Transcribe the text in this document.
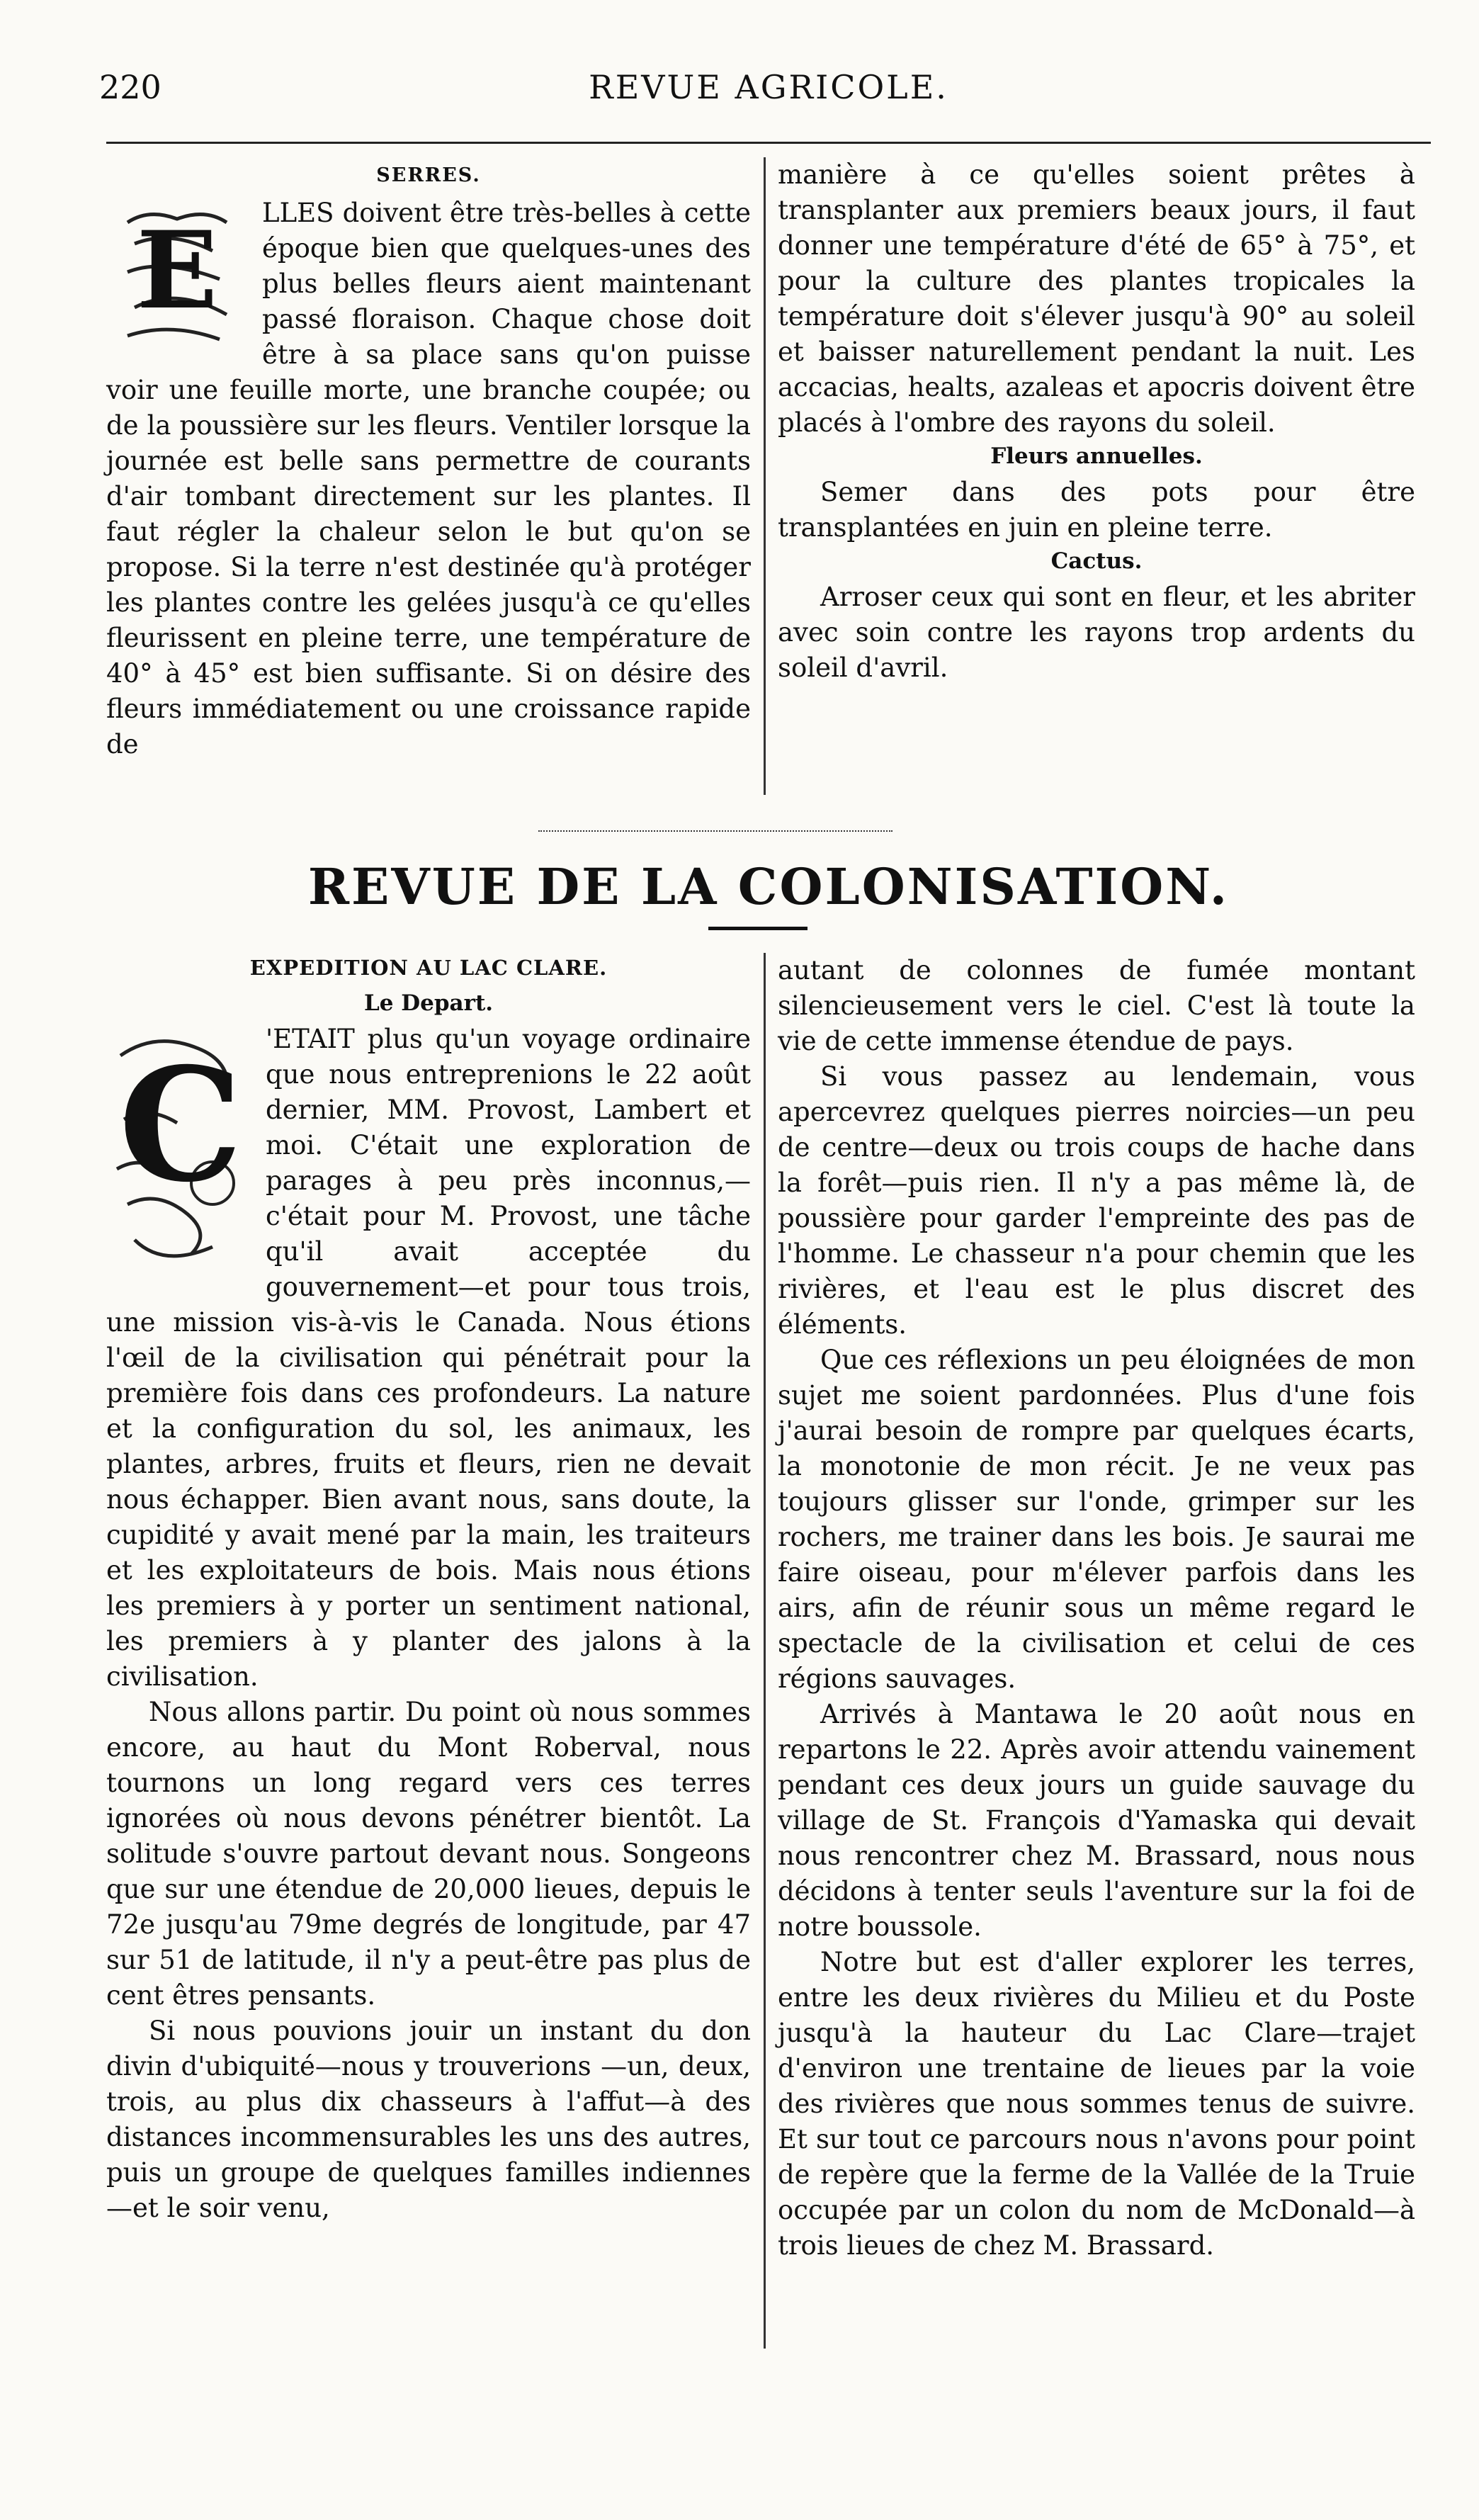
220	REVUE AGRICOLE.
SERRES.
E	LLES doivent être très-belles à cette époque bien que quelques-unes des plus belles fleurs aient maintenant passé floraison. Chaque chose doit être à sa place sans qu'on puisse voir une feuille morte, une branche coupée; ou de la poussière sur les fleurs. Ventiler lorsque la journée est belle sans permettre de courants d'air tombant directement sur les plantes. Il faut régler la chaleur selon le but qu'on se propose. Si la terre n'est destinée qu'à protéger les plantes contre les gelées jusqu'à ce qu'elles fleurissent en pleine terre, une température de 40° à 45° est bien suffisante. Si on désire des fleurs immédiatement ou une croissance rapide de

manière à ce qu'elles soient prêtes à transplanter aux premiers beaux jours, il faut donner une température d'été de 65° à 75°, et pour la culture des plantes tropicales la température doit s'élever jusqu'à 90° au soleil et baisser naturellement pendant la nuit. Les accacias, healts, azaleas et apocris doivent être placés à l'ombre des rayons du soleil.

Fleurs annuelles.

Semer dans des pots pour être transplantées en juin en pleine terre.

Cactus.

Arroser ceux qui sont en fleur, et les abriter avec soin contre les rayons trop ardents du soleil d'avril.

REVUE DE LA COLONISATION.
EXPEDITION AU LAC CLARE.
Le Depart.
C 'ETAIT plus qu'un voyage ordinaire que nous entreprenions le 22 août dernier, MM. Provost, Lambert et moi. C'était une exploration de parages à peu près inconnus,—c'était pour M. Provost, une tâche qu'il avait acceptée du gouvernement—et pour tous trois, une mission vis-à-vis le Canada. Nous étions l'œil de la civilisation qui pénétrait pour la première fois dans ces profondeurs. La nature et la configuration du sol, les animaux, les plantes, arbres, fruits et fleurs, rien ne devait nous échapper. Bien avant nous, sans doute, la cupidité y avait mené par la main, les traiteurs et les exploitateurs de bois. Mais nous étions les premiers à y porter un sentiment national, les premiers à y planter des jalons à la civilisation.

Nous allons partir. Du point où nous sommes encore, au haut du Mont Roberval, nous tournons un long regard vers ces terres ignorées où nous devons pénétrer bientôt. La solitude s'ouvre partout devant nous. Songeons que sur une étendue de 20,000 lieues, depuis le 72e jusqu'au 79me degrés de longitude, par 47 sur 51 de latitude, il n'y a peut-être pas plus de cent êtres pensants.

Si nous pouvions jouir un instant du don divin d'ubiquité—nous y trouverions —un, deux, trois, au plus dix chasseurs à l'affut—à des distances incommensurables les uns des autres, puis un groupe de quelques familles indiennes—et le soir venu,

autant de colonnes de fumée montant silencieusement vers le ciel. C'est là toute la vie de cette immense étendue de pays.

Si vous passez au lendemain, vous apercevrez quelques pierres noircies—un peu de centre—deux ou trois coups de hache dans la forêt—puis rien. Il n'y a pas même là, de poussière pour garder l'empreinte des pas de l'homme. Le chasseur n'a pour chemin que les rivières, et l'eau est le plus discret des éléments.

Que ces réflexions un peu éloignées de mon sujet me soient pardonnées. Plus d'une fois j'aurai besoin de rompre par quelques écarts, la monotonie de mon récit. Je ne veux pas toujours glisser sur l'onde, grimper sur les rochers, me trainer dans les bois. Je saurai me faire oiseau, pour m'élever parfois dans les airs, afin de réunir sous un même regard le spectacle de la civilisation et celui de ces régions sauvages.

Arrivés à Mantawa le 20 août nous en repartons le 22. Après avoir attendu vainement pendant ces deux jours un guide sauvage du village de St. François d'Yamaska qui devait nous rencontrer chez M. Brassard, nous nous décidons à tenter seuls l'aventure sur la foi de notre boussole.

Notre but est d'aller explorer les terres, entre les deux rivières du Milieu et du Poste jusqu'à la hauteur du Lac Clare—trajet d'environ une trentaine de lieues par la voie des rivières que nous sommes tenus de suivre. Et sur tout ce parcours nous n'avons pour point de repère que la ferme de la Vallée de la Truie occupée par un colon du nom de McDonald—à trois lieues de chez M. Brassard.
